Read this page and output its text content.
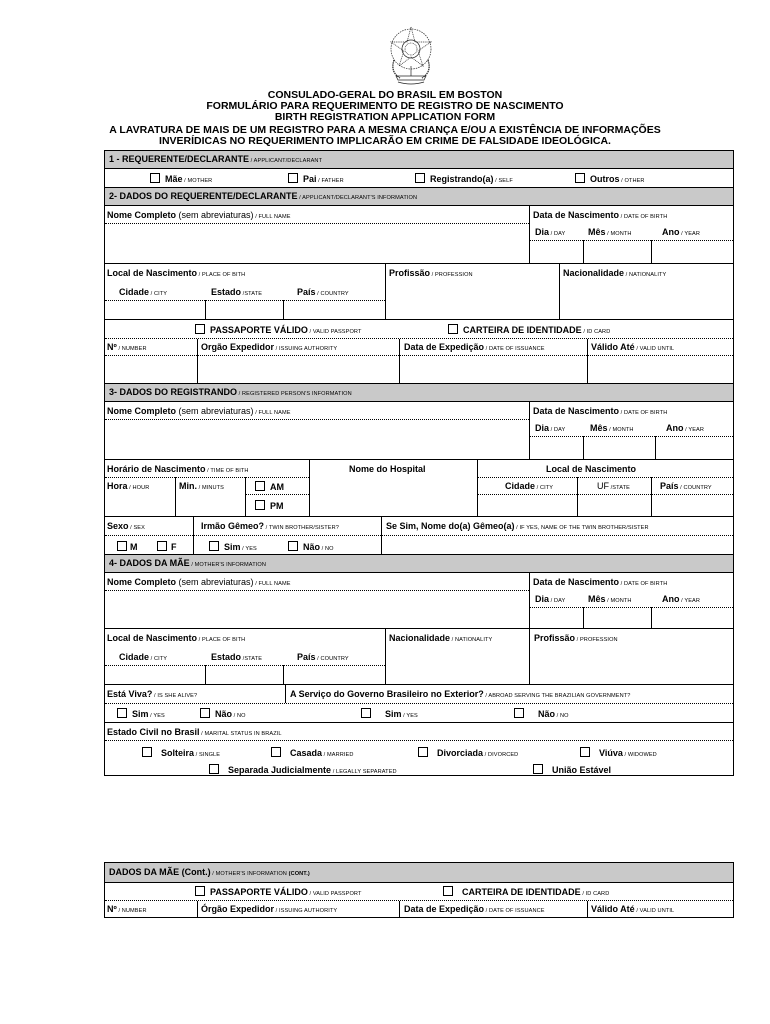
CONSULADO-GERAL DO BRASIL EM BOSTON
FORMULÁRIO PARA REQUERIMENTO DE REGISTRO DE NASCIMENTO
BIRTH REGISTRATION APPLICATION FORM
A LAVRATURA DE MAIS DE UM REGISTRO PARA A MESMA CRIANÇA E/OU A EXISTÊNCIA DE INFORMAÇÕES
INVERÍDICAS NO REQUERIMENTO IMPLICARÃO EM CRIME DE FALSIDADE IDEOLÓGICA.
1 - REQUERENTE/DECLARANTE / APPLICANT/DECLARANT
Mãe / MOTHER	Pai / FATHER	Registrando(a) / SELF	Outros / OTHER
2- DADOS DO REQUERENTE/DECLARANTE / APPLICANT/DECLARANT'S INFORMATION
Nome Completo (sem abreviaturas) / FULL NAME	Data de Nascimento / DATE OF BIRTH
Dia / DAY	Mês / MONTH	Ano / YEAR
Local de Nascimento / PLACE OF BITH
Cidade / CITY	Estado /STATE	País / COUNTRY
Profissão / PROFESSION	Nacionalidade / NATIONALITY
PASSAPORTE VÁLIDO / VALID PASSPORT	CARTEIRA DE IDENTIDADE / ID CARD
Nº / NUMBER	Orgão Expedidor / ISSUING AUTHORITY	Data de Expedição / DATE OF ISSUANCE	Válido Até / VALID UNTIL
3- DADOS DO REGISTRANDO / REGISTERED PERSON'S INFORMATION
Nome Completo (sem abreviaturas) / FULL NAME	Data de Nascimento / DATE OF BIRTH
Dia / DAY	Mês / MONTH	Ano / YEAR
Horário de Nascimento / TIME OF BITH	Nome do Hospital	Local de Nascimento
Hora / HOUR	Min. / MINUTS	AM
PM
Cidade / CITY	UF /STATE	País / COUNTRY
Sexo / SEX
M	F
Irmão Gêmeo? / TWIN BROTHER/SISTER?
Sim / YES	Não / NO
Se Sim, Nome do(a) Gêmeo(a) / IF YES, NAME OF THE TWIN BROTHER/SISTER
4- DADOS DA MÃE / MOTHER'S INFORMATION
Nome Completo (sem abreviaturas) / FULL NAME	Data de Nascimento / DATE OF BIRTH
Dia / DAY	Mês / MONTH	Ano / YEAR
Local de Nascimento / PLACE OF BITH
Cidade / CITY	Estado /STATE	País / COUNTRY
Nacionalidade / NATIONALITY	Profissão / PROFESSION
Está Viva? / IS SHE ALIVE?	A Serviço do Governo Brasileiro no Exterior? / ABROAD SERVING THE BRAZILIAN GOVERNMENT?
Sim / YES	Não / NO	Sim / YES	Não / NO
Estado Civil no Brasil / MARITAL STATUS IN BRAZIL
Solteira / SINGLE	Casada / MARRIED	Divorciada / DIVORCED	Viúva / WIDOWED
Separada Judicialmente / LEGALLY SEPARATED	União Estável
DADOS DA MÃE (Cont.) / MOTHER'S INFORMATION (CONT.)
PASSAPORTE VÁLIDO / VALID PASSPORT	CARTEIRA DE IDENTIDADE / ID CARD
Nº / NUMBER	Órgão Expedidor / ISSUING AUTHORITY	Data de Expedição / DATE OF ISSUANCE	Válido Até / VALID UNTIL
